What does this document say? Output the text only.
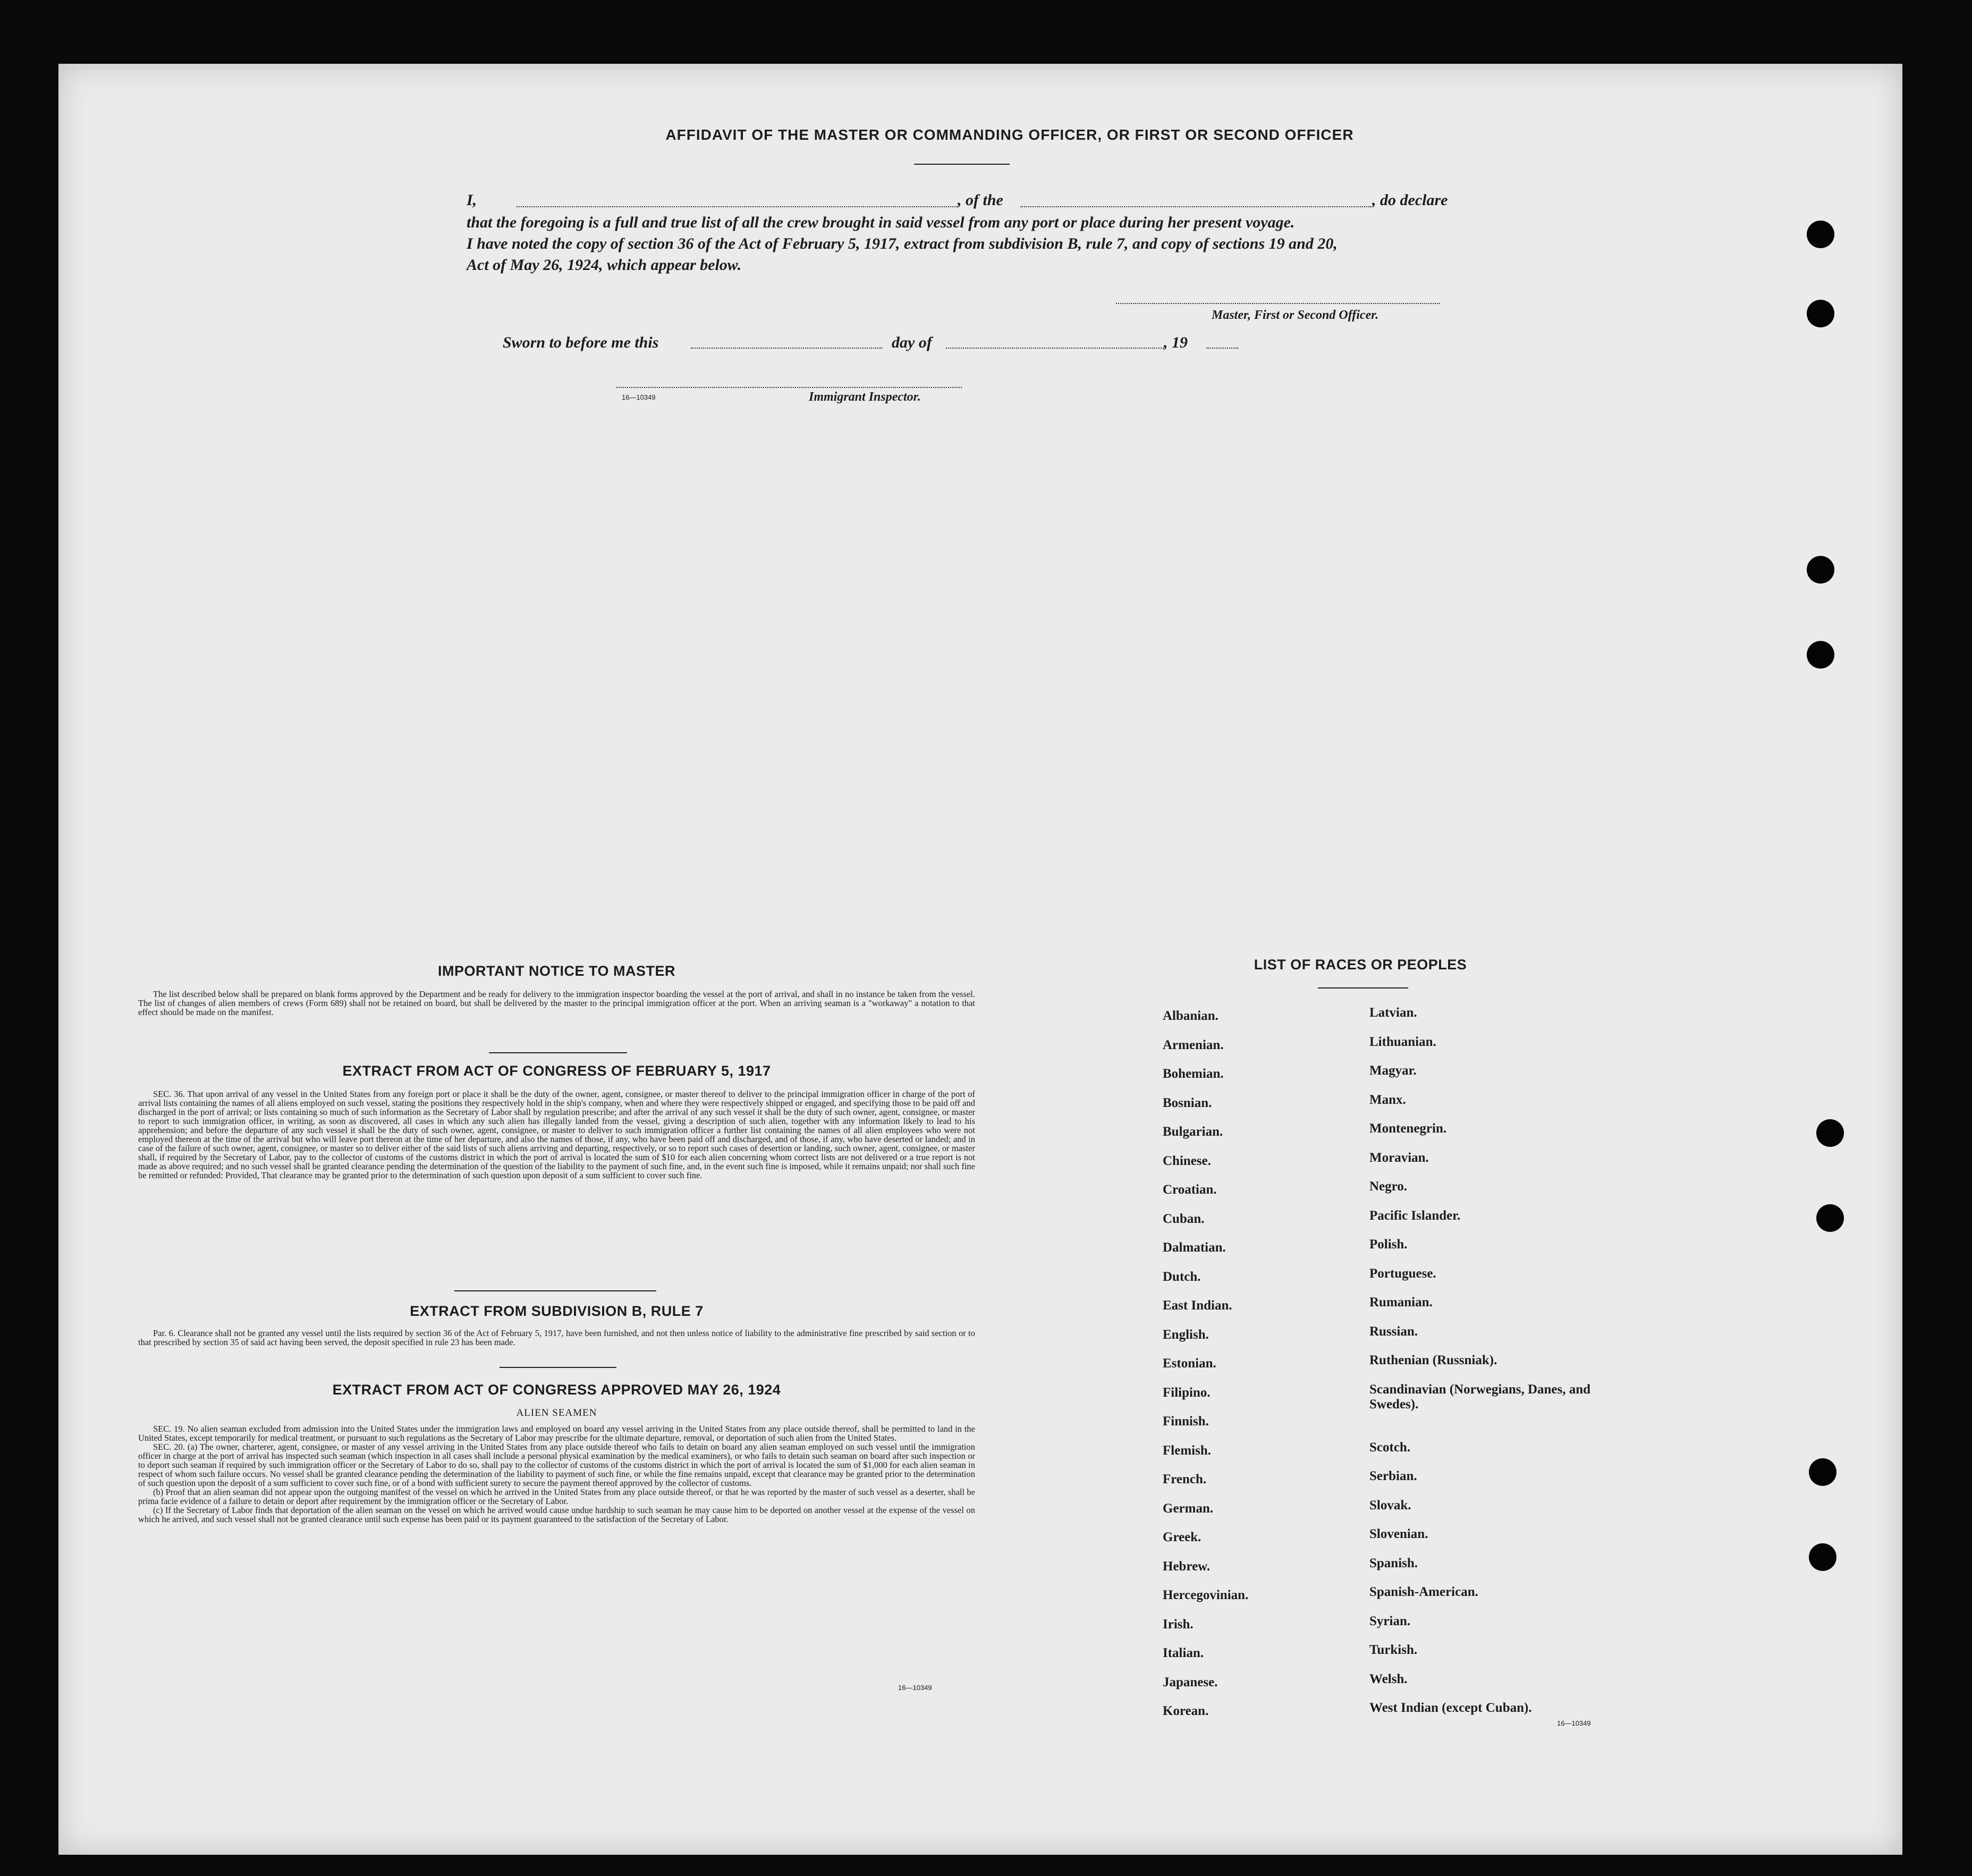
AFFIDAVIT OF THE MASTER OR COMMANDING OFFICER, OR FIRST OR SECOND OFFICER
I,	, of the	, do declare
that the foregoing is a full and true list of all the crew brought in said vessel from any port or place during her present voyage.
I have noted the copy of section 36 of the Act of February 5, 1917, extract from subdivision B, rule 7, and copy of sections 19 and 20,
Act of May 26, 1924, which appear below.
Master, First or Second Officer.
Sworn to before me this	day of	, 19
16—10349	Immigrant Inspector.
IMPORTANT NOTICE TO MASTER
The list described below shall be prepared on blank forms approved by the Department and be ready for delivery to the immigration inspector boarding the vessel at the port of arrival, and shall in no instance be taken from the vessel. The list of changes of alien members of crews (Form 689) shall not be retained on board, but shall be delivered by the master to the principal immigration officer at the port. When an arriving seaman is a "workaway" a notation to that effect should be made on the manifest.
EXTRACT FROM ACT OF CONGRESS OF FEBRUARY 5, 1917
SEC. 36. That upon arrival of any vessel in the United States from any foreign port or place it shall be the duty of the owner, agent, consignee, or master thereof to deliver to the principal immigration officer in charge of the port of arrival lists containing the names of all aliens employed on such vessel, stating the positions they respectively hold in the ship's company, when and where they were respectively shipped or engaged, and specifying those to be paid off and discharged in the port of arrival; or lists containing so much of such information as the Secretary of Labor shall by regulation prescribe; and after the arrival of any such vessel it shall be the duty of such owner, agent, consignee, or master to report to such immigration officer, in writing, as soon as discovered, all cases in which any such alien has illegally landed from the vessel, giving a description of such alien, together with any information likely to lead to his apprehension; and before the departure of any such vessel it shall be the duty of such owner, agent, consignee, or master to deliver to such immigration officer a further list containing the names of all alien employees who were not employed thereon at the time of the arrival but who will leave port thereon at the time of her departure, and also the names of those, if any, who have been paid off and discharged, and of those, if any, who have deserted or landed; and in case of the failure of such owner, agent, consignee, or master so to deliver either of the said lists of such aliens arriving and departing, respectively, or so to report such cases of desertion or landing, such owner, agent, consignee, or master shall, if required by the Secretary of Labor, pay to the collector of customs of the customs district in which the port of arrival is located the sum of $10 for each alien concerning whom correct lists are not delivered or a true report is not made as above required; and no such vessel shall be granted clearance pending the determination of the question of the liability to the payment of such fine, and, in the event such fine is imposed, while it remains unpaid; nor shall such fine be remitted or refunded: Provided, That clearance may be granted prior to the determination of such question upon deposit of a sum sufficient to cover such fine.
EXTRACT FROM SUBDIVISION B, RULE 7
Par. 6. Clearance shall not be granted any vessel until the lists required by section 36 of the Act of February 5, 1917, have been furnished, and not then unless notice of liability to the administrative fine prescribed by said section or to that prescribed by section 35 of said act having been served, the deposit specified in rule 23 has been made.
EXTRACT FROM ACT OF CONGRESS APPROVED MAY 26, 1924
ALIEN SEAMEN

SEC. 19. No alien seaman excluded from admission into the United States under the immigration laws and employed on board any vessel arriving in the United States from any place outside thereof, shall be permitted to land in the United States, except temporarily for medical treatment, or pursuant to such regulations as the Secretary of Labor may prescribe for the ultimate departure, removal, or deportation of such alien from the United States.

SEC. 20. (a) The owner, charterer, agent, consignee, or master of any vessel arriving in the United States from any place outside thereof who fails to detain on board any alien seaman employed on such vessel until the immigration officer in charge at the port of arrival has inspected such seaman (which inspection in all cases shall include a personal physical examination by the medical examiners), or who fails to detain such seaman on board after such inspection or to deport such seaman if required by such immigration officer or the Secretary of Labor to do so, shall pay to the collector of customs of the customs district in which the port of arrival is located the sum of $1,000 for each alien seaman in respect of whom such failure occurs. No vessel shall be granted clearance pending the determination of the liability to payment of such fine, or while the fine remains unpaid, except that clearance may be granted prior to the determination of such question upon the deposit of a sum sufficient to cover such fine, or of a bond with sufficient surety to secure the payment thereof approved by the collector of customs.

(b) Proof that an alien seaman did not appear upon the outgoing manifest of the vessel on which he arrived in the United States from any place outside thereof, or that he was reported by the master of such vessel as a deserter, shall be prima facie evidence of a failure to detain or deport after requirement by the immigration officer or the Secretary of Labor.

(c) If the Secretary of Labor finds that deportation of the alien seaman on the vessel on which he arrived would cause undue hardship to such seaman he may cause him to be deported on another vessel at the expense of the vessel on which he arrived, and such vessel shall not be granted clearance until such expense has been paid or its payment guaranteed to the satisfaction of the Secretary of Labor.

16—10349
LIST OF RACES OR PEOPLES
16—10349
Albanian.
Armenian.
Bohemian.
Bosnian.
Bulgarian.
Chinese.
Croatian.
Cuban.
Dalmatian.
Dutch.
East Indian.
English.
Estonian.
Filipino.
Finnish.
Flemish.
French.
German.
Greek.
Hebrew.
Hercegovinian.
Irish.
Italian.
Japanese.
Korean.
Latvian.
Lithuanian.
Magyar.
Manx.
Montenegrin.
Moravian.
Negro.
Pacific Islander.
Polish.
Portuguese.
Rumanian.
Russian.
Ruthenian (Russniak).
Scandinavian (Norwegians, Danes, and Swedes).
Scotch.
Serbian.
Slovak.
Slovenian.
Spanish.
Spanish-American.
Syrian.
Turkish.
Welsh.
West Indian (except Cuban).
